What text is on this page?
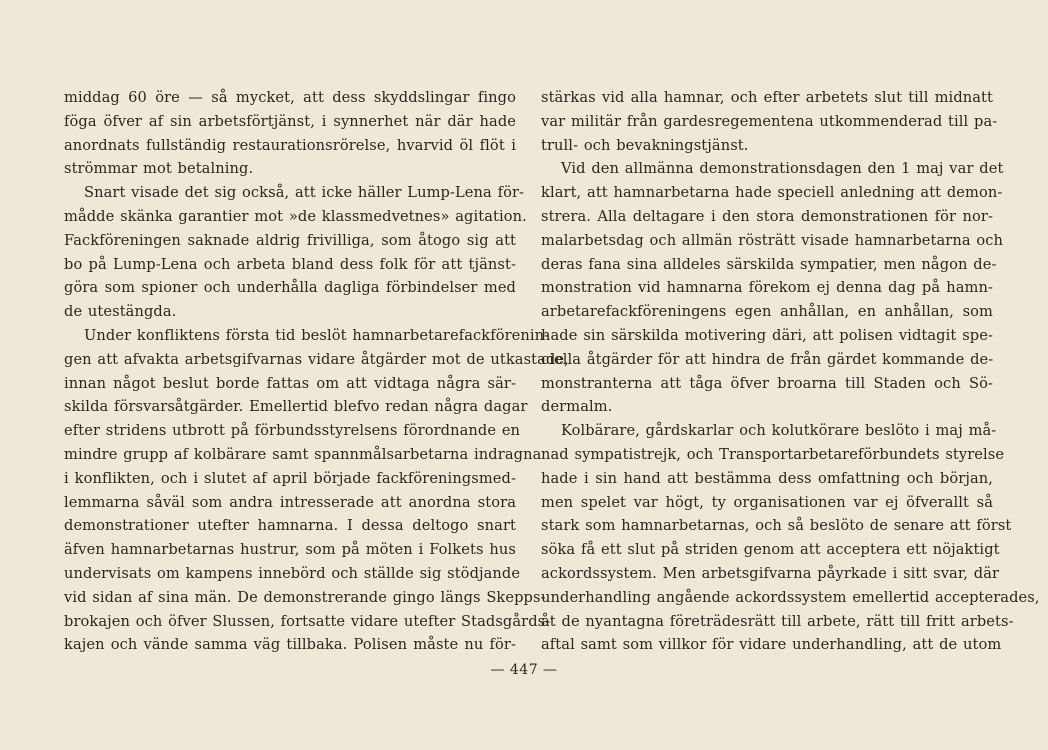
middag 60 öre — så mycket, att dess skyddslingar fingo
föga öfver af sin arbetsförtjänst, i synnerhet när där hade
anordnats fullständig restaurationsrörelse, hvarvid öl flöt i
strömmar mot betalning.
Snart visade det sig också, att icke häller Lump-Lena för-
mådde skänka garantier mot »de klassmedvetnes» agitation.
Fackföreningen saknade aldrig frivilliga, som åtogo sig att
bo på Lump-Lena och arbeta bland dess folk för att tjänst-
göra som spioner och underhålla dagliga förbindelser med
de utestängda.
Under konfliktens första tid beslöt hamnarbetarefackförenin-
gen att afvakta arbetsgifvarnas vidare åtgärder mot de utkastade,
innan något beslut borde fattas om att vidtaga några sär-
skilda försvarsåtgärder. Emellertid blefvo redan några dagar
efter stridens utbrott på förbundsstyrelsens förordnande en
mindre grupp af kolbärare samt spannmålsarbetarna indragna
i konflikten, och i slutet af april började fackföreningsmed-
lemmarna såväl som andra intresserade att anordna stora
demonstrationer utefter hamnarna. I dessa deltogo snart
äfven hamnarbetarnas hustrur, som på möten i Folkets hus
undervisats om kampens innebörd och ställde sig stödjande
vid sidan af sina män. De demonstrerande gingo längs Skepps-
brokajen och öfver Slussen, fortsatte vidare utefter Stadsgårds-
kajen och vände samma väg tillbaka. Polisen måste nu för-
stärkas vid alla hamnar, och efter arbetets slut till midnatt
var militär från gardesregementena utkommenderad till pa-
trull- och bevakningstjänst.
Vid den allmänna demonstrationsdagen den 1 maj var det
klart, att hamnarbetarna hade speciell anledning att demon-
strera. Alla deltagare i den stora demonstrationen för nor-
malarbetsdag och allmän rösträtt visade hamnarbetarna och
deras fana sina alldeles särskilda sympatier, men någon de-
monstration vid hamnarna förekom ej denna dag på hamn-
arbetarefackföreningens egen anhållan, en anhållan, som
hade sin särskilda motivering däri, att polisen vidtagit spe-
ciella åtgärder för att hindra de från gärdet kommande de-
monstranterna att tåga öfver broarna till Staden och Sö-
dermalm.
Kolbärare, gårdskarlar och kolutkörare beslöto i maj må-
nad sympatistrejk, och Transportarbetareförbundets styrelse
hade i sin hand att bestämma dess omfattning och början,
men spelet var högt, ty organisationen var ej öfverallt så
stark som hamnarbetarnas, och så beslöto de senare att först
söka få ett slut på striden genom att acceptera ett nöjaktigt
ackordssystem. Men arbetsgifvarna påyrkade i sitt svar, där
underhandling angående ackordssystem emellertid accepterades,
åt de nyantagna företrädesrätt till arbete, rätt till fritt arbets-
aftal samt som villkor för vidare underhandling, att de utom
— 447 —
